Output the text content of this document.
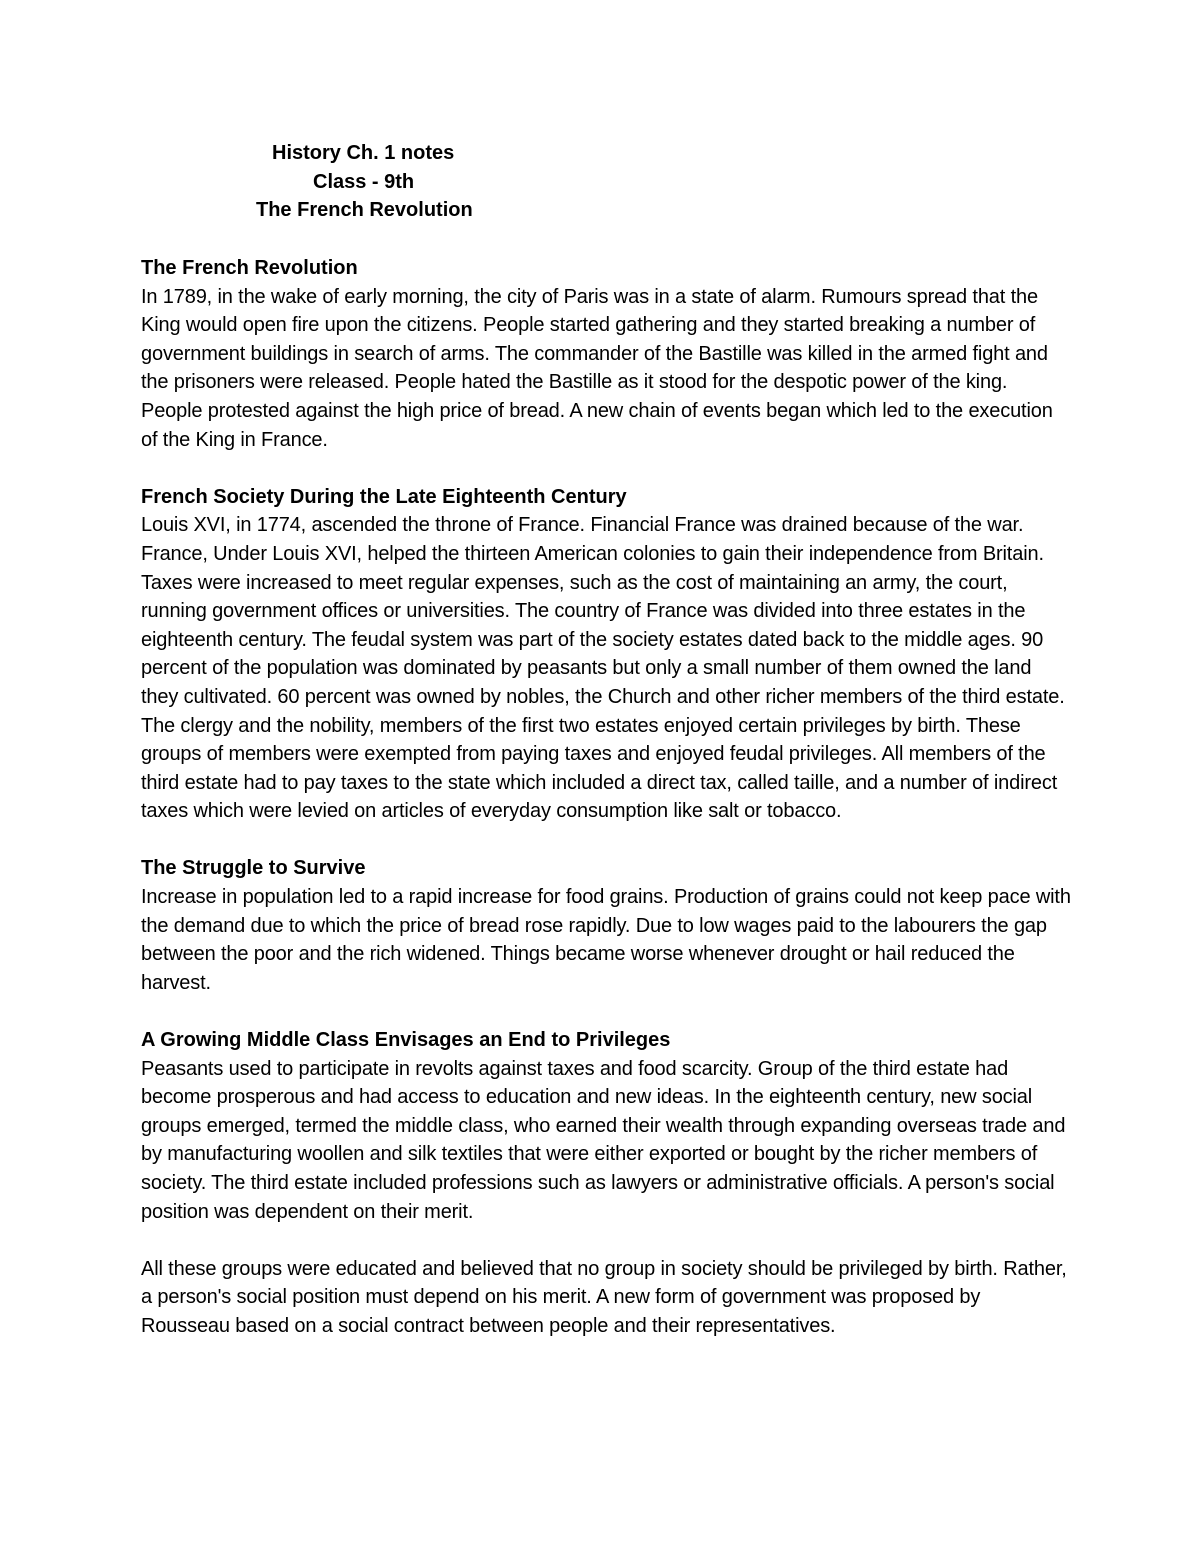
History Ch. 1 notes
Class - 9th
The French Revolution
The French Revolution

In 1789, in the wake of early morning, the city of Paris was in a state of alarm. Rumours spread that the King would open fire upon the citizens. People started gathering and they started breaking a number of government buildings in search of arms. The commander of the Bastille was killed in the armed fight and the prisoners were released. People hated the Bastille as it stood for the despotic power of the king. People protested against the high price of bread. A new chain of events began which led to the execution of the King in France.

French Society During the Late Eighteenth Century

Louis XVI, in 1774, ascended the throne of France. Financial France was drained because of the war. France, Under Louis XVI, helped the thirteen American colonies to gain their independence from Britain. Taxes were increased to meet regular expenses, such as the cost of maintaining an army, the court, running government offices or universities. The country of France was divided into three estates in the eighteenth century. The feudal system was part of the society estates dated back to the middle ages. 90 percent of the population was dominated by peasants but only a small number of them owned the land they cultivated. 60 percent was owned by nobles, the Church and other richer members of the third estate. The clergy and the nobility, members of the first two estates enjoyed certain privileges by birth. These groups of members were exempted from paying taxes and enjoyed feudal privileges. All members of the third estate had to pay taxes to the state which included a direct tax, called taille, and a number of indirect taxes which were levied on articles of everyday consumption like salt or tobacco.

The Struggle to Survive

Increase in population led to a rapid increase for food grains. Production of grains could not keep pace with the demand due to which the price of bread rose rapidly. Due to low wages paid to the labourers the gap between the poor and the rich widened. Things became worse whenever drought or hail reduced the harvest.

A Growing Middle Class Envisages an End to Privileges

Peasants used to participate in revolts against taxes and food scarcity. Group of the third estate had become prosperous and had access to education and new ideas. In the eighteenth century, new social groups emerged, termed the middle class, who earned their wealth through expanding overseas trade and by manufacturing woollen and silk textiles that were either exported or bought by the richer members of society. The third estate included professions such as lawyers or administrative officials. A person's social position was dependent on their merit.

All these groups were educated and believed that no group in society should be privileged by birth. Rather, a person's social position must depend on his merit. A new form of government was proposed by Rousseau based on a social contract between people and their representatives.
